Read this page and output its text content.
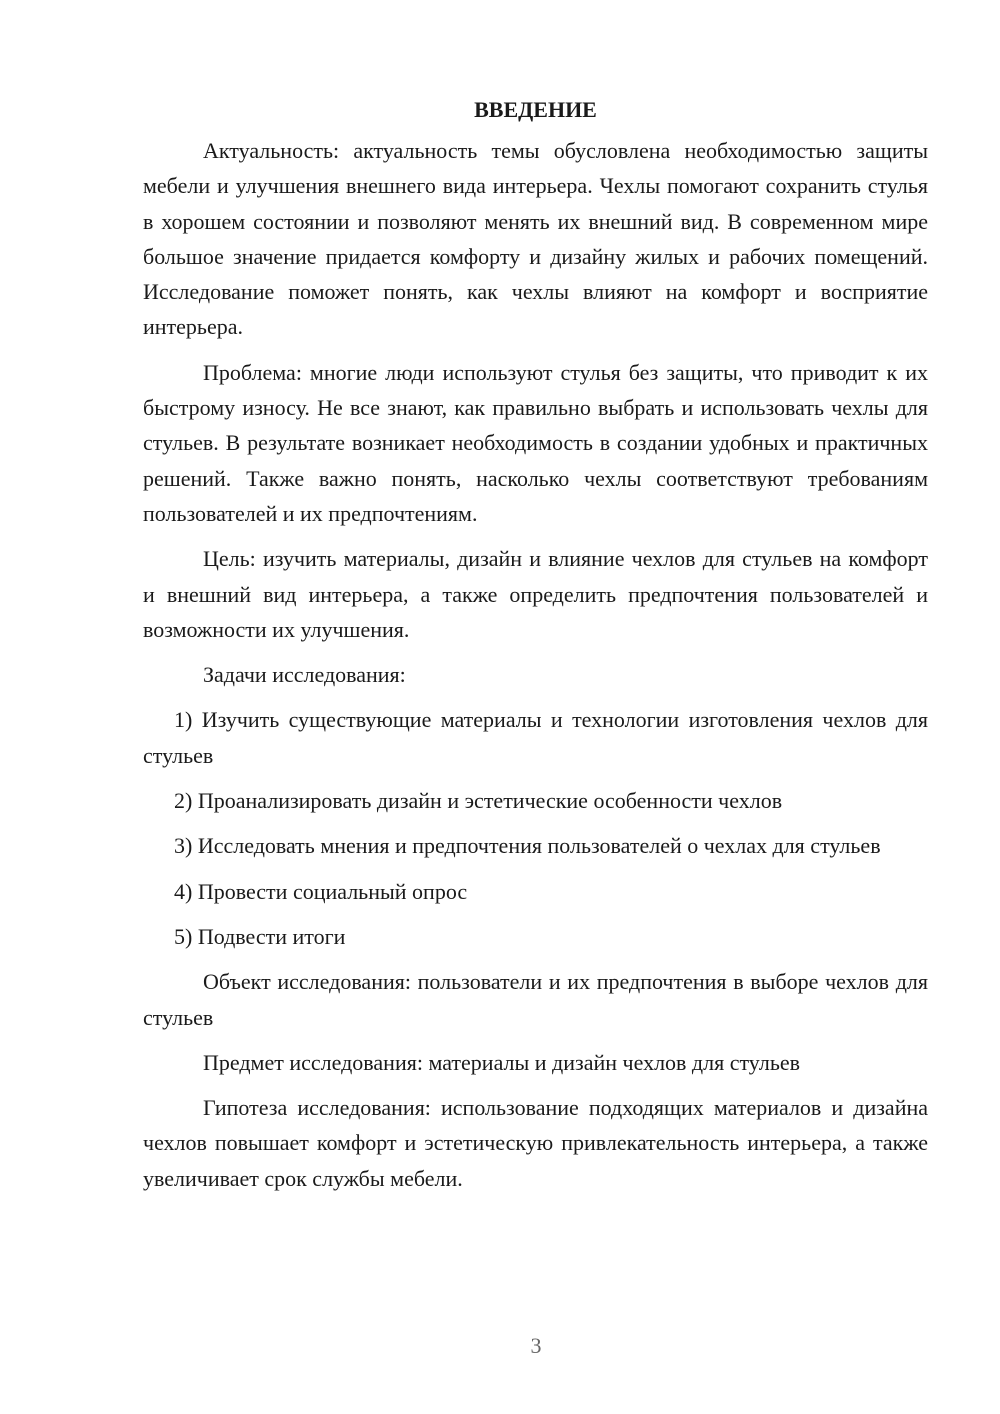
ВВЕДЕНИЕ

Актуальность: актуальность темы обусловлена необходимостью защиты мебели и улучшения внешнего вида интерьера. Чехлы помогают сохранить стулья в хорошем состоянии и позволяют менять их внешний вид. В современном мире большое значение придается комфорту и дизайну жилых и рабочих помещений. Исследование поможет понять, как чехлы влияют на комфорт и восприятие интерьера.

Проблема: многие люди используют стулья без защиты, что приводит к их быстрому износу. Не все знают, как правильно выбрать и использовать чехлы для стульев. В результате возникает необходимость в создании удобных и практичных решений. Также важно понять, насколько чехлы соответствуют требованиям пользователей и их предпочтениям.

Цель: изучить материалы, дизайн и влияние чехлов для стульев на комфорт и внешний вид интерьера, а также определить предпочтения пользователей и возможности их улучшения.

Задачи исследования:

1) Изучить существующие материалы и технологии изготовления чехлов для стульев

2) Проанализировать дизайн и эстетические особенности чехлов

3) Исследовать мнения и предпочтения пользователей о чехлах для стульев

4) Провести социальный опрос

5) Подвести итоги

Объект исследования: пользователи и их предпочтения в выборе чехлов для стульев

Предмет исследования: материалы и дизайн чехлов для стульев

Гипотеза исследования: использование подходящих материалов и дизайна чехлов повышает комфорт и эстетическую привлекательность интерьера, а также увеличивает срок службы мебели.

3
